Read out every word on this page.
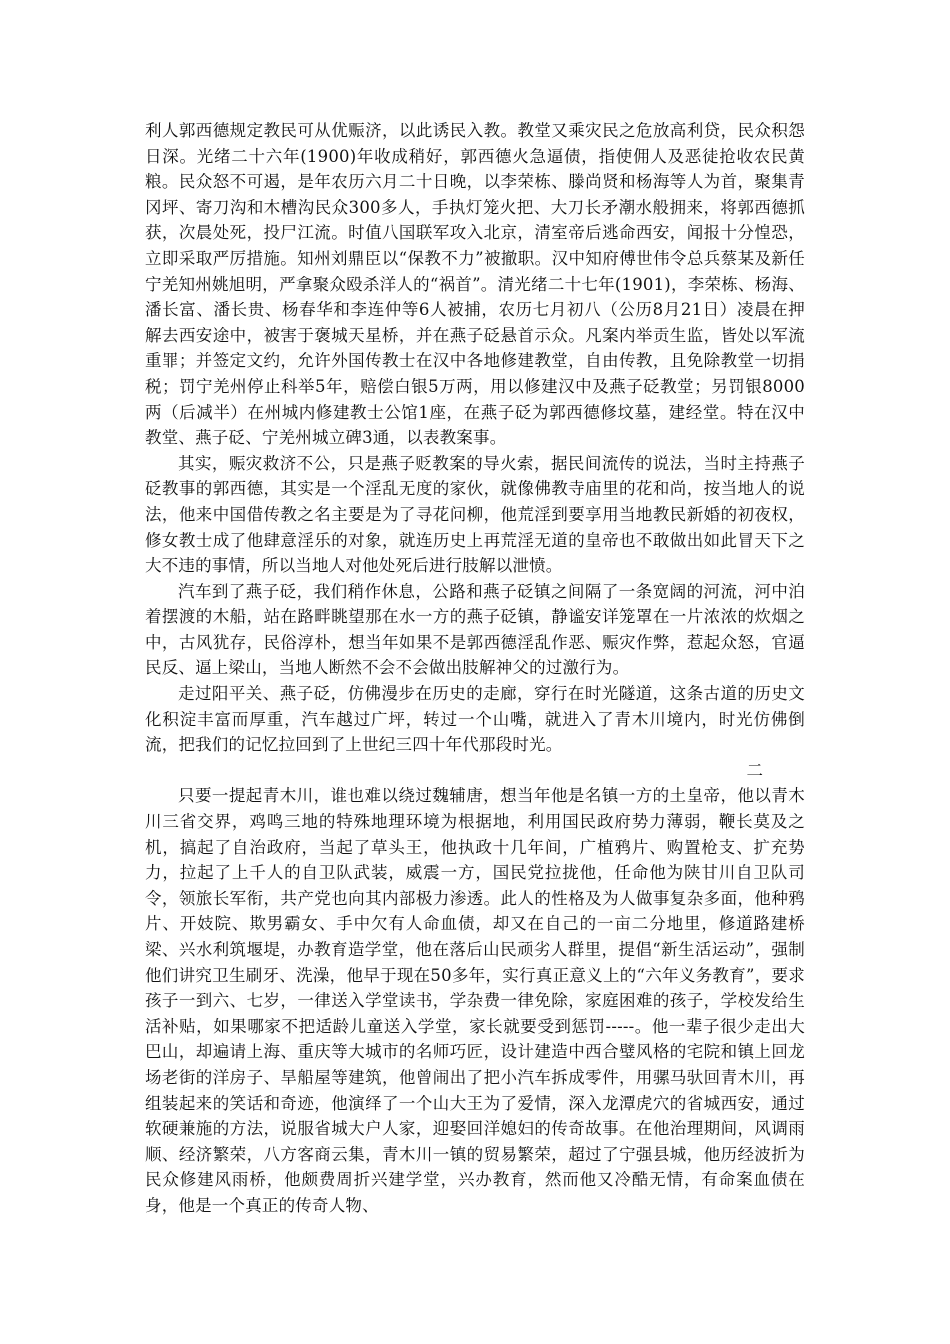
利人郭西德规定教民可从优赈济，以此诱民入教。教堂又乘灾民之危放高利贷，民众积怨日深。光绪二十六年(1900)年收成稍好，郭西德火急逼债，指使佣人及恶徒抢收农民黄粮。民众怒不可遏，是年农历六月二十日晚，以李荣栋、滕尚贤和杨海等人为首，聚集青冈坪、寄刀沟和木槽沟民众300多人，手执灯笼火把、大刀长矛潮水般拥来，将郭西德抓获，次晨处死，投尸江流。时值八国联军攻入北京，清室帝后逃命西安，闻报十分惶恐，立即采取严厉措施。知州刘鼎臣以“保教不力”被撤职。汉中知府傅世伟令总兵蔡某及新任宁羌知州姚旭明，严拿聚众殴杀洋人的“祸首”。清光绪二十七年(1901)，李荣栋、杨海、潘长富、潘长贵、杨春华和李连仲等6人被捕，农历七月初八（公历8月21日）凌晨在押解去西安途中，被害于褒城天星桥，并在燕子砭悬首示众。凡案内举贡生监，皆处以军流重罪；并签定文约，允许外国传教士在汉中各地修建教堂，自由传教，且免除教堂一切捐税；罚宁羌州停止科举5年，赔偿白银5万两，用以修建汉中及燕子砭教堂；另罚银8000两（后减半）在州城内修建教士公馆1座，在燕子砭为郭西德修坟墓，建经堂。特在汉中教堂、燕子砭、宁羌州城立碑3通，以表教案事。

其实，赈灾救济不公，只是燕子贬教案的导火索，据民间流传的说法，当时主持燕子砭教事的郭西德，其实是一个淫乱无度的家伙，就像佛教寺庙里的花和尚，按当地人的说法，他来中国借传教之名主要是为了寻花问柳，他荒淫到要享用当地教民新婚的初夜权，修女教士成了他肆意淫乐的对象，就连历史上再荒淫无道的皇帝也不敢做出如此冒天下之大不违的事情，所以当地人对他处死后进行肢解以泄愤。

汽车到了燕子砭，我们稍作休息，公路和燕子砭镇之间隔了一条宽阔的河流，河中泊着摆渡的木船，站在路畔眺望那在水一方的燕子砭镇，静谧安详笼罩在一片浓浓的炊烟之中，古风犹存，民俗淳朴，想当年如果不是郭西德淫乱作恶、赈灾作弊，惹起众怒，官逼民反、逼上梁山，当地人断然不会不会做出肢解神父的过激行为。

走过阳平关、燕子砭，仿佛漫步在历史的走廊，穿行在时光隧道，这条古道的历史文化积淀丰富而厚重，汽车越过广坪，转过一个山嘴，就进入了青木川境内，时光仿佛倒流，把我们的记忆拉回到了上世纪三四十年代那段时光。

二

只要一提起青木川，谁也难以绕过魏辅唐，想当年他是名镇一方的土皇帝，他以青木川三省交界，鸡鸣三地的特殊地理环境为根据地，利用国民政府势力薄弱，鞭长莫及之机，搞起了自治政府，当起了草头王，他执政十几年间，广植鸦片、购置枪支、扩充势力，拉起了上千人的自卫队武装，威震一方，国民党拉拢他，任命他为陕甘川自卫队司令，领旅长军衔，共产党也向其内部极力渗透。此人的性格及为人做事复杂多面，他种鸦片、开妓院、欺男霸女、手中欠有人命血债，却又在自己的一亩二分地里，修道路建桥梁、兴水利筑堰堤，办教育造学堂，他在落后山民顽劣人群里，提倡“新生活运动”，强制他们讲究卫生刷牙、洗澡，他早于现在50多年，实行真正意义上的“六年义务教育”，要求孩子一到六、七岁，一律送入学堂读书，学杂费一律免除，家庭困难的孩子，学校发给生活补贴，如果哪家不把适龄儿童送入学堂，家长就要受到惩罚-----。他一辈子很少走出大巴山，却遍请上海、重庆等大城市的名师巧匠，设计建造中西合璧风格的宅院和镇上回龙场老街的洋房子、旱船屋等建筑，他曾闹出了把小汽车拆成零件，用骡马驮回青木川，再组装起来的笑话和奇迹，他演绎了一个山大王为了爱情，深入龙潭虎穴的省城西安，通过软硬兼施的方法，说服省城大户人家，迎娶回洋媳妇的传奇故事。在他治理期间，风调雨顺、经济繁荣，八方客商云集，青木川一镇的贸易繁荣，超过了宁强县城，他历经波折为民众修建风雨桥，他颇费周折兴建学堂，兴办教育，然而他又冷酷无情，有命案血债在身，他是一个真正的传奇人物、
